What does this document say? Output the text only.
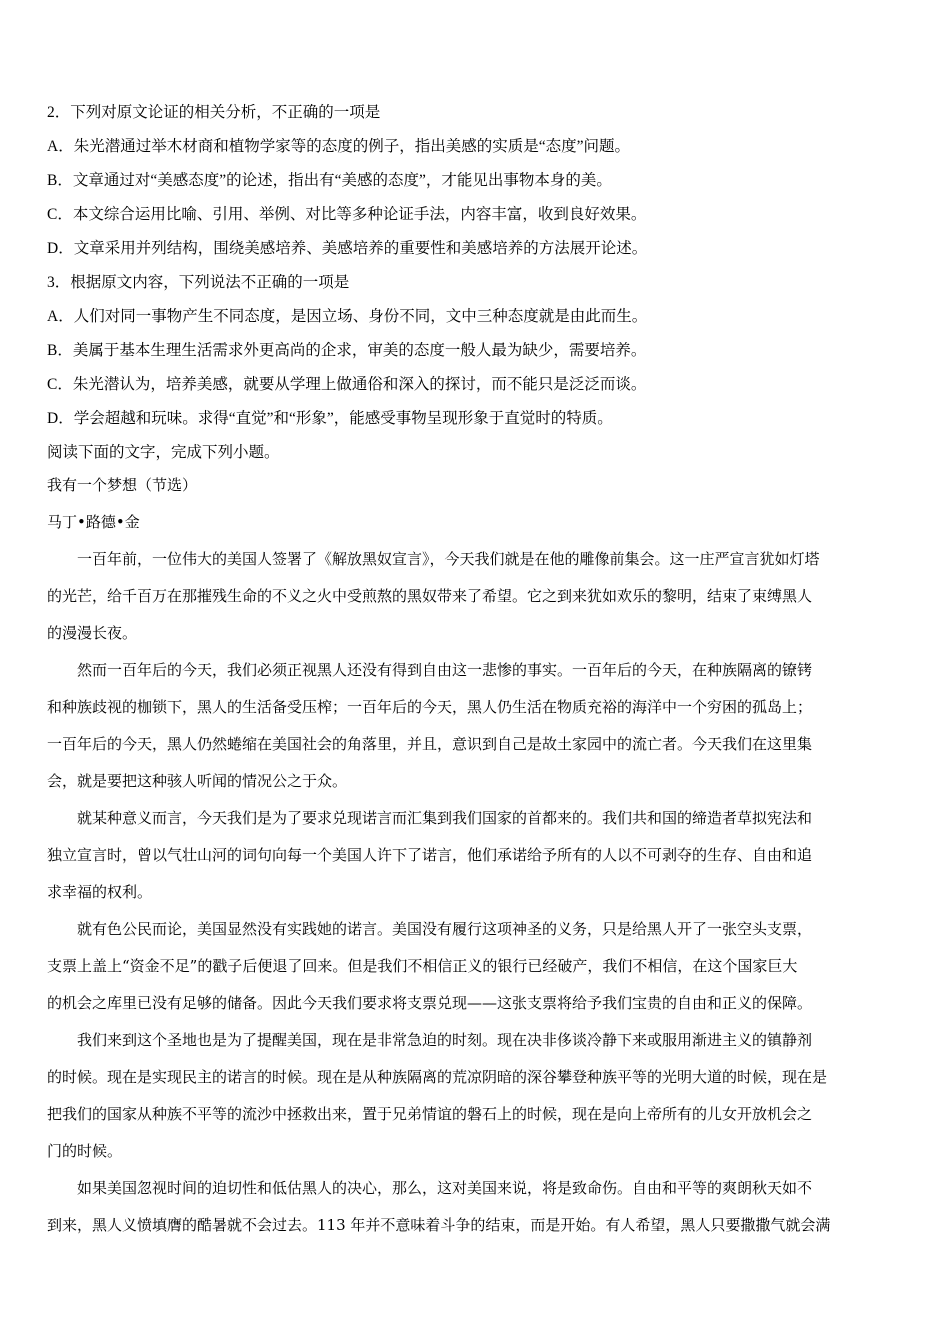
2．下列对原文论证的相关分析，不正确的一项是
A．朱光潜通过举木材商和植物学家等的态度的例子，指出美感的实质是“态度”问题。
B．文章通过对“美感态度”的论述，指出有“美感的态度”，才能见出事物本身的美。
C．本文综合运用比喻、引用、举例、对比等多种论证手法，内容丰富，收到良好效果。
D．文章采用并列结构，围绕美感培养、美感培养的重要性和美感培养的方法展开论述。
3．根据原文内容，下列说法不正确的一项是
A．人们对同一事物产生不同态度，是因立场、身份不同，文中三种态度就是由此而生。
B．美属于基本生理生活需求外更高尚的企求，审美的态度一般人最为缺少，需要培养。
C．朱光潜认为，培养美感，就要从学理上做通俗和深入的探讨，而不能只是泛泛而谈。
D．学会超越和玩味。求得“直觉”和“形象”，能感受事物呈现形象于直觉时的特质。
阅读下面的文字，完成下列小题。
我有一个梦想（节选）
马丁•路德•金
一百年前，一位伟大的美国人签署了《解放黑奴宣言》，今天我们就是在他的雕像前集会。这一庄严宣言犹如灯塔
的光芒，给千百万在那摧残生命的不义之火中受煎熬的黑奴带来了希望。它之到来犹如欢乐的黎明，结束了束缚黑人
的漫漫长夜。
然而一百年后的今天，我们必须正视黑人还没有得到自由这一悲惨的事实。一百年后的今天，在种族隔离的镣铐
和种族歧视的枷锁下，黑人的生活备受压榨；一百年后的今天，黑人仍生活在物质充裕的海洋中一个穷困的孤岛上；
一百年后的今天，黑人仍然蜷缩在美国社会的角落里，并且，意识到自己是故土家园中的流亡者。今天我们在这里集
会，就是要把这种骇人听闻的情况公之于众。
就某种意义而言，今天我们是为了要求兑现诺言而汇集到我们国家的首都来的。我们共和国的缔造者草拟宪法和
独立宣言时，曾以气壮山河的词句向每一个美国人许下了诺言，他们承诺给予所有的人以不可剥夺的生存、自由和追
求幸福的权利。
就有色公民而论，美国显然没有实践她的诺言。美国没有履行这项神圣的义务，只是给黑人开了一张空头支票，
支票上盖上“资金不足”的戳子后便退了回来。但是我们不相信正义的银行已经破产，我们不相信，在这个国家巨大
的机会之库里已没有足够的储备。因此今天我们要求将支票兑现——这张支票将给予我们宝贵的自由和正义的保障。
我们来到这个圣地也是为了提醒美国，现在是非常急迫的时刻。现在决非侈谈冷静下来或服用渐进主义的镇静剂
的时候。现在是实现民主的诺言的时候。现在是从种族隔离的荒凉阴暗的深谷攀登种族平等的光明大道的时候，现在是
把我们的国家从种族不平等的流沙中拯救出来，置于兄弟情谊的磐石上的时候，现在是向上帝所有的儿女开放机会之
门的时候。
如果美国忽视时间的迫切性和低估黑人的决心，那么，这对美国来说，将是致命伤。自由和平等的爽朗秋天如不
到来，黑人义愤填膺的酷暑就不会过去。113 年并不意味着斗争的结束，而是开始。有人希望，黑人只要撒撒气就会满
